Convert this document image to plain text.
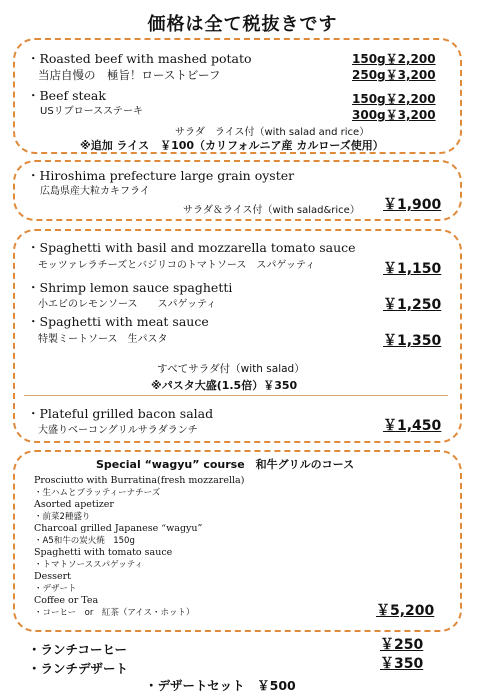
価格は全て税抜きです
・Roasted beef with mashed potato
当店自慢の　極旨！ローストビーフ
150g￥2,200
250g￥3,200
・Beef steak
USリブロースステーキ
150g￥2,200
300g￥3,200
サラダ　ライス付（with salad and rice）
※追加 ライス　￥100（カリフォルニア産 カルローズ使用）
・Hiroshima prefecture large grain oyster
広島県産大粒カキフライ
サラダ＆ライス付（with salad&rice） ￥1,900
・Spaghetti with basil and mozzarella tomato sauce
モッツァレラチーズとバジリコのトマトソース　スパゲッティ	￥1,150
・Shrimp lemon sauce spaghetti
小エビのレモンソース　　スパゲッティ	￥1,250
・Spaghetti with meat sauce
特製ミートソース　生パスタ	￥1,350
すべてサラダ付（with salad）
※パスタ大盛(1.5倍）￥350
・Plateful grilled bacon salad
大盛りベーコングリルサラダランチ	￥1,450
Special “wagyu” course　和牛グリルのコース
Prosciutto with Burratina(fresh mozzarella)
・生ハムとブラッティーナチーズ
Asorted apetizer
・前菜2種盛り
Charcoal grilled Japanese “wagyu”
・A5和牛の炭火焼　150g
Spaghetti with tomato sauce
・トマトソーススパゲッティ
Dessert
・デザート
Coffee or Tea
・コーヒー　or　紅茶（アイス・ホット）	￥5,200
・ランチコーヒー	￥250
・ランチデザート	￥350
・デザートセット　￥500
